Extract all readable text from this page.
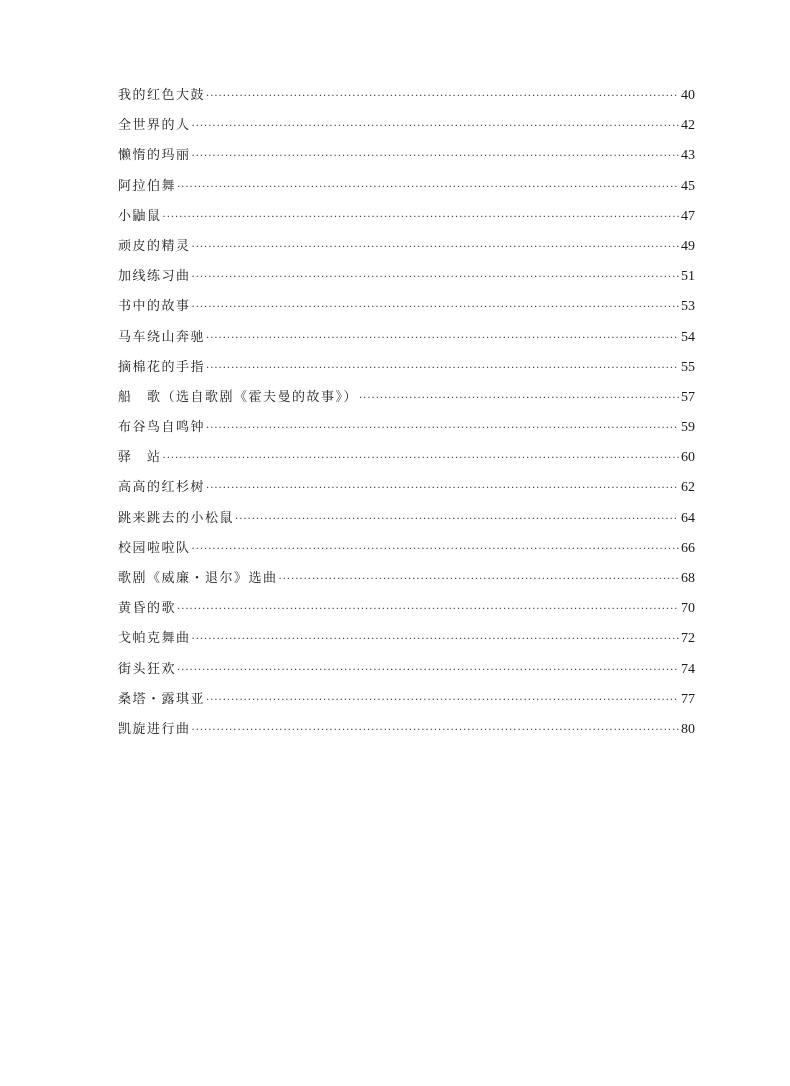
我的红色大鼓 ·····	40
全世界的人 ·····	42
懒惰的玛丽 ·····	43
阿拉伯舞 ·····	45
小鼬鼠 ·····	47
顽皮的精灵 ·····	49
加线练习曲 ·····	51
书中的故事 ·····	53
马车绕山奔驰 ·····	54
摘棉花的手指 ·····	55
船　歌（选自歌剧《霍夫曼的故事》） ·····	57
布谷鸟自鸣钟 ·····	59
驿　站 ·····	60
高高的红杉树 ·····	62
跳来跳去的小松鼠 ·····	64
校园啦啦队 ·····	66
歌剧《威廉・退尔》选曲 ·····	68
黄昏的歌 ·····	70
戈帕克舞曲 ·····	72
街头狂欢 ·····	74
桑塔・露琪亚 ·····	77
凯旋进行曲 ·····	80
